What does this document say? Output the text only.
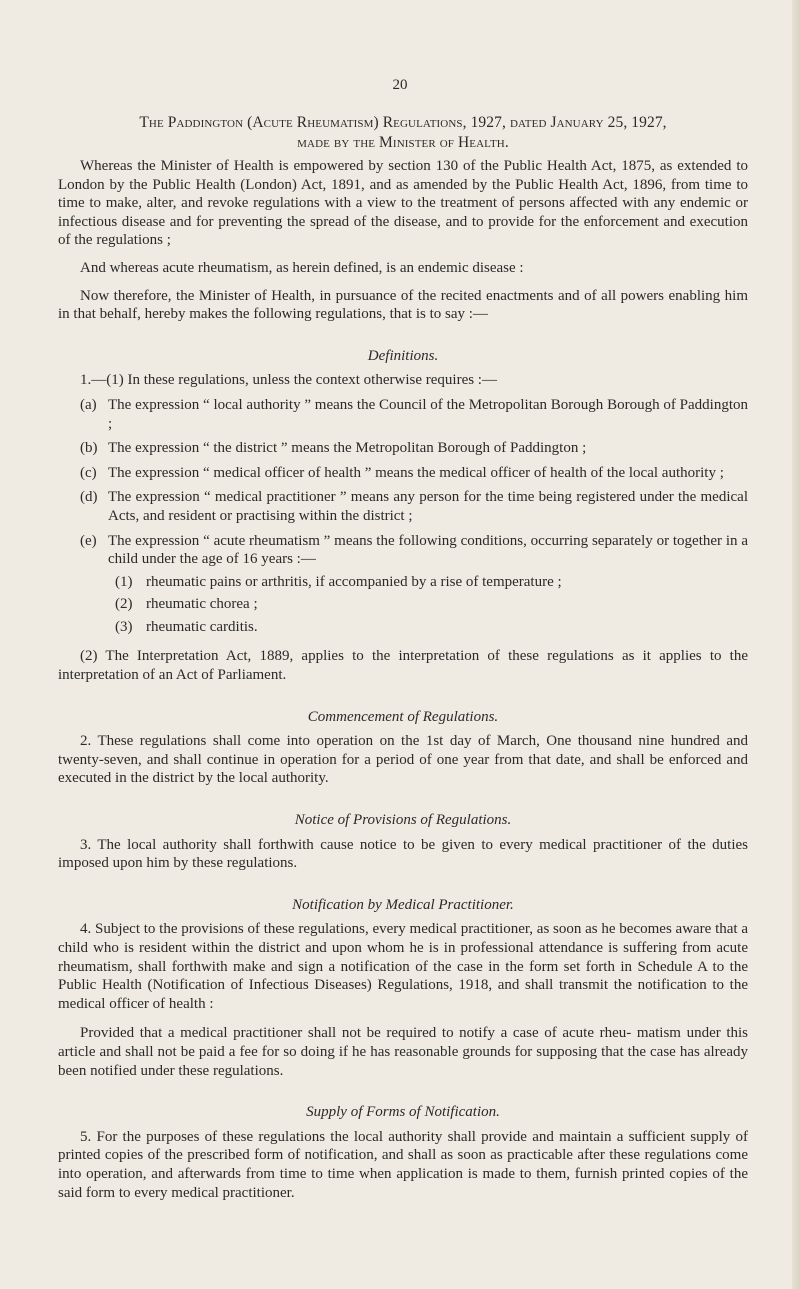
20
The Paddington (Acute Rheumatism) Regulations, 1927, dated January 25, 1927,
made by the Minister of Health.

Whereas the Minister of Health is empowered by section 130 of the Public Health Act, 1875, as extended to London by the Public Health (London) Act, 1891, and as amended by the Public Health Act, 1896, from time to time to make, alter, and revoke regulations with a view to the treatment of persons affected with any endemic or infectious disease and for preventing the spread of the disease, and to provide for the enforcement and execution of the regulations ;

And whereas acute rheumatism, as herein defined, is an endemic disease :

Now therefore, the Minister of Health, in pursuance of the recited enactments and of all powers enabling him in that behalf, hereby makes the following regulations, that is to say :—

Definitions.

1.—(1) In these regulations, unless the context otherwise requires :—

(a) The expression “ local authority ” means the Council of the Metropolitan Borough Borough of Paddington ;
(b) The expression “ the district ” means the Metropolitan Borough of Paddington ;
(c) The expression “ medical officer of health ” means the medical officer of health of the local authority ;
(d) The expression “ medical practitioner ” means any person for the time being registered under the medical Acts, and resident or practising within the district ;
(e) The expression “ acute rheumatism ” means the following conditions, occurring separately or together in a child under the age of 16 years :—
(1) rheumatic pains or arthritis, if accompanied by a rise of temperature ;
(2) rheumatic chorea ;
(3) rheumatic carditis.

(2) The Interpretation Act, 1889, applies to the interpretation of these regulations as it applies to the interpretation of an Act of Parliament.

Commencement of Regulations.

2. These regulations shall come into operation on the 1st day of March, One thousand nine hundred and twenty-seven, and shall continue in operation for a period of one year from that date, and shall be enforced and executed in the district by the local authority.

Notice of Provisions of Regulations.

3. The local authority shall forthwith cause notice to be given to every medical practitioner of the duties imposed upon him by these regulations.

Notification by Medical Practitioner.

4. Subject to the provisions of these regulations, every medical practitioner, as soon as he becomes aware that a child who is resident within the district and upon whom he is in professional attendance is suffering from acute rheumatism, shall forthwith make and sign a notification of the case in the form set forth in Schedule A to the Public Health (Notification of Infectious Diseases) Regulations, 1918, and shall transmit the notification to the medical officer of health :

Provided that a medical practitioner shall not be required to notify a case of acute rheu- matism under this article and shall not be paid a fee for so doing if he has reasonable grounds for supposing that the case has already been notified under these regulations.

Supply of Forms of Notification.

5. For the purposes of these regulations the local authority shall provide and maintain a sufficient supply of printed copies of the prescribed form of notification, and shall as soon as practicable after these regulations come into operation, and afterwards from time to time when application is made to them, furnish printed copies of the said form to every medical practitioner.
